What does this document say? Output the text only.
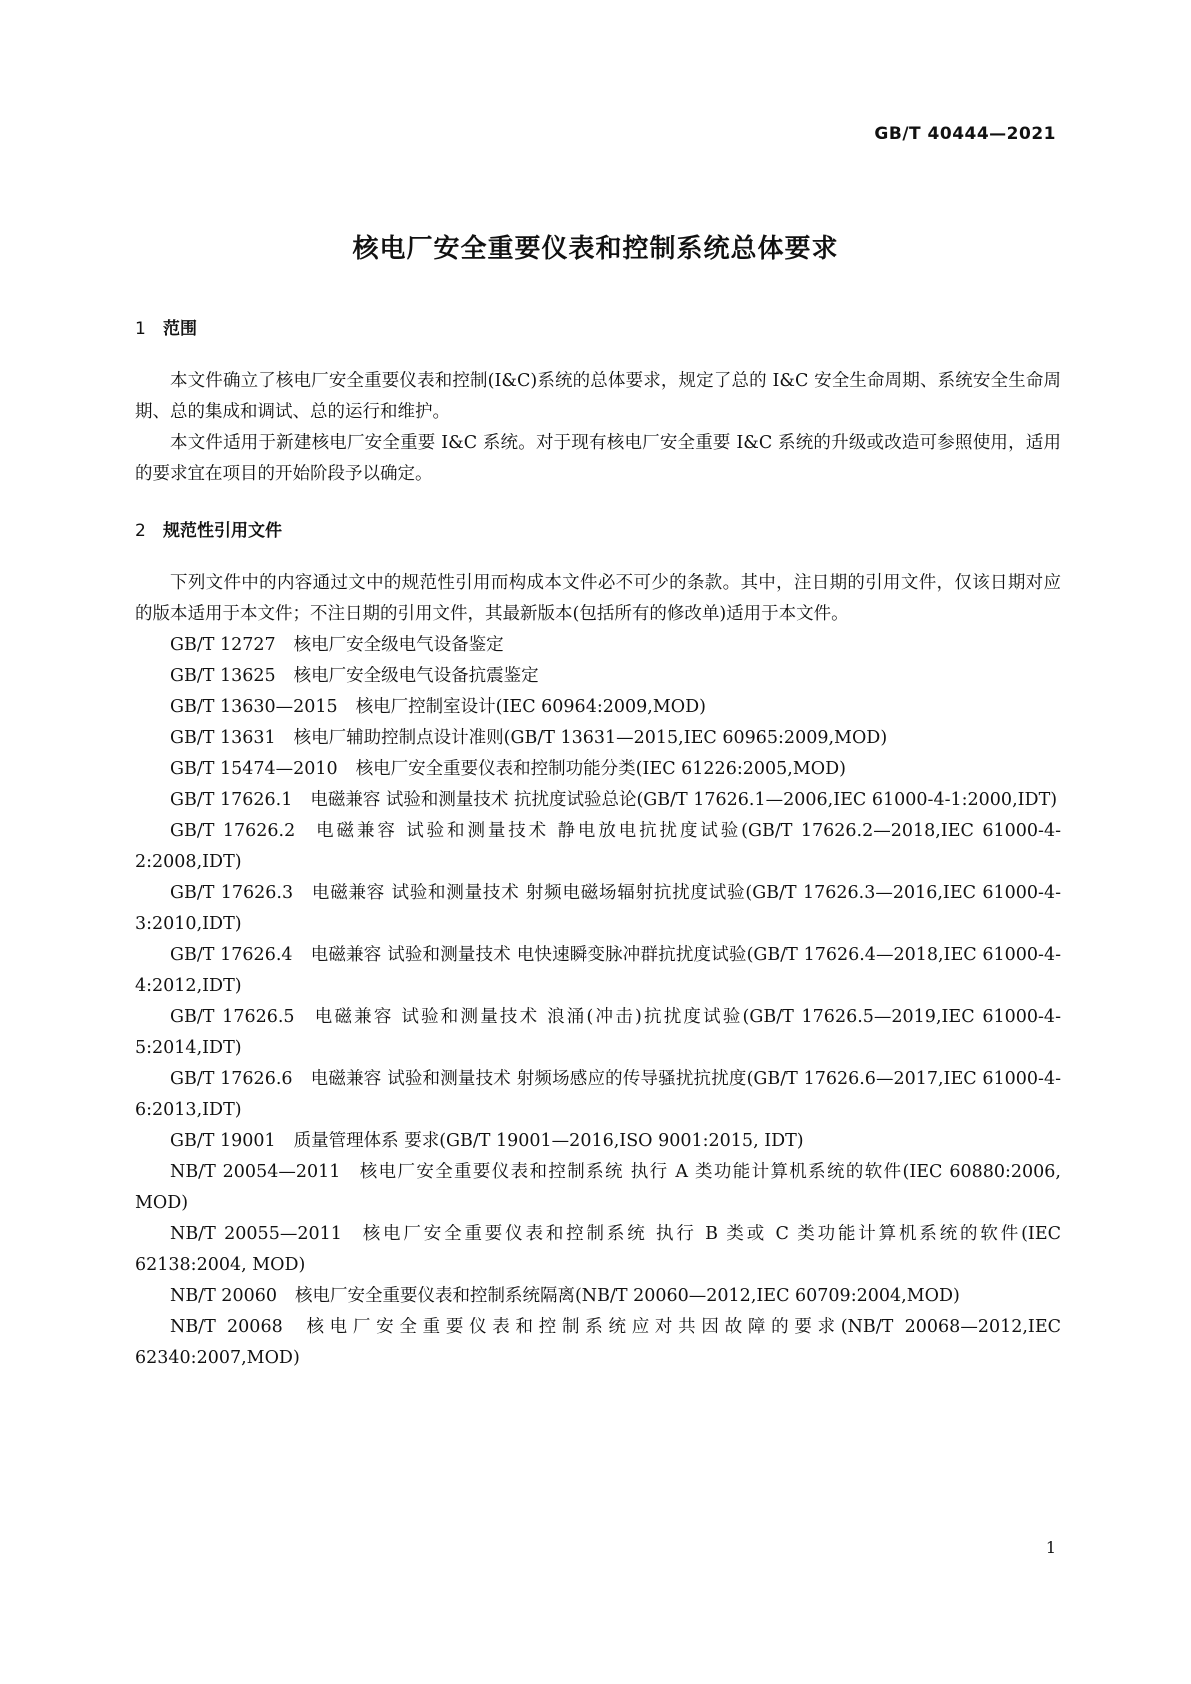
GB/T 40444—2021
核电厂安全重要仪表和控制系统总体要求
1 范围

本文件确立了核电厂安全重要仪表和控制(I&C)系统的总体要求，规定了总的 I&C 安全生命周期、系统安全生命周期、总的集成和调试、总的运行和维护。

本文件适用于新建核电厂安全重要 I&C 系统。对于现有核电厂安全重要 I&C 系统的升级或改造可参照使用，适用的要求宜在项目的开始阶段予以确定。

2 规范性引用文件

下列文件中的内容通过文中的规范性引用而构成本文件必不可少的条款。其中，注日期的引用文件，仅该日期对应的版本适用于本文件；不注日期的引用文件，其最新版本(包括所有的修改单)适用于本文件。

GB/T 12727 核电厂安全级电气设备鉴定
GB/T 13625 核电厂安全级电气设备抗震鉴定
GB/T 13630—2015 核电厂控制室设计(IEC 60964:2009,MOD)
GB/T 13631 核电厂辅助控制点设计准则(GB/T 13631—2015,IEC 60965:2009,MOD)
GB/T 15474—2010 核电厂安全重要仪表和控制功能分类(IEC 61226:2005,MOD)
GB/T 17626.1 电磁兼容 试验和测量技术 抗扰度试验总论(GB/T 17626.1—2006,IEC 61000-4-1:2000,IDT)
GB/T 17626.2 电磁兼容 试验和测量技术 静电放电抗扰度试验(GB/T 17626.2—2018,IEC 61000-4-2:2008,IDT)
GB/T 17626.3 电磁兼容 试验和测量技术 射频电磁场辐射抗扰度试验(GB/T 17626.3—2016,IEC 61000-4-3:2010,IDT)
GB/T 17626.4 电磁兼容 试验和测量技术 电快速瞬变脉冲群抗扰度试验(GB/T 17626.4—2018,IEC 61000-4-4:2012,IDT)
GB/T 17626.5 电磁兼容 试验和测量技术 浪涌(冲击)抗扰度试验(GB/T 17626.5—2019,IEC 61000-4-5:2014,IDT)
GB/T 17626.6 电磁兼容 试验和测量技术 射频场感应的传导骚扰抗扰度(GB/T 17626.6—2017,IEC 61000-4-6:2013,IDT)
GB/T 19001 质量管理体系 要求(GB/T 19001—2016,ISO 9001:2015, IDT)
NB/T 20054—2011 核电厂安全重要仪表和控制系统 执行 A 类功能计算机系统的软件(IEC 60880:2006, MOD)
NB/T 20055—2011 核电厂安全重要仪表和控制系统 执行 B 类或 C 类功能计算机系统的软件(IEC 62138:2004, MOD)
NB/T 20060 核电厂安全重要仪表和控制系统隔离(NB/T 20060—2012,IEC 60709:2004,MOD)
NB/T 20068 核电厂安全重要仪表和控制系统应对共因故障的要求(NB/T 20068—2012,IEC 62340:2007,MOD)
1
